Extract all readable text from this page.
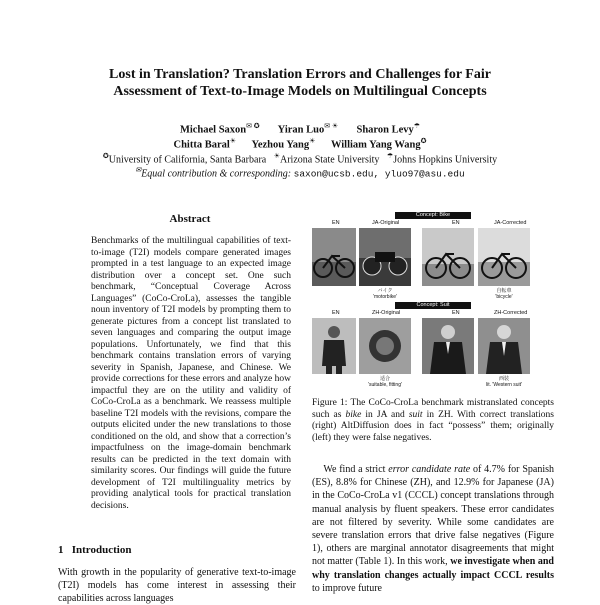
Lost in Translation? Translation Errors and Challenges for Fair
Assessment of Text-to-Image Models on Multilingual Concepts
Michael Saxon✉ ✪ Yiran Luo✉ ☀ Sharon Levy☂
Chitta Baral☀ Yezhou Yang☀ William Yang Wang✪
✪University of California, Santa Barbara ☀Arizona State University ☂Johns Hopkins University
✉Equal contribution & corresponding: saxon@ucsb.edu, yluo97@asu.edu
Abstract
Benchmarks of the multilingual capabilities of text-to-image (T2I) models compare generated images prompted in a test language to an expected image distribution over a concept set. One such benchmark, “Conceptual Coverage Across Languages” (CoCo-CroLa), assesses the tangible noun inventory of T2I models by prompting them to generate pictures from a concept list translated to seven languages and comparing the output image populations. Unfortunately, we find that this benchmark contains translation errors of varying severity in Spanish, Japanese, and Chinese. We provide corrections for these errors and analyze how impactful they are on the utility and validity of CoCo-CroLa as a benchmark. We reassess multiple baseline T2I models with the revisions, compare the outputs elicited under the new translations to those conditioned on the old, and show that a correction’s impactfulness on the image-domain benchmark results can be predicted in the text domain with similarity scores. Our findings will guide the future development of T2I multilinguality metrics by providing analytical tools for practical translation decisions.
1 Introduction
With growth in the popularity of generative text-to-image (T2I) models has come interest in assessing their capabilities across languages
Concept: Bike
EN	JA-Original	EN	JA-Corrected
バイク
'motorbike'
自転車
'bicycle'
Concept: Suit
EN	ZH-Original	EN	ZH-Corrected
适合
'suitable, fitting'
西装
lit. 'Western suit'
Figure 1: The CoCo-CroLa benchmark mistranslated concepts such as bike in JA and suit in ZH. With correct translations (right) AltDiffusion does in fact “possess” them; originally (left) they were false negatives.
We find a strict error candidate rate of 4.7% for Spanish (ES), 8.8% for Chinese (ZH), and 12.9% for Japanese (JA) in the CoCo-CroLa v1 (CCCL) concept translations through manual analysis by fluent speakers. These error candidates are not filtered by severity. While some candidates are severe translation errors that drive false negatives (Figure 1), others are marginal annotator disagreements that might not matter (Table 1). In this work, we investigate when and why translation changes actually impact CCCL results to improve future
